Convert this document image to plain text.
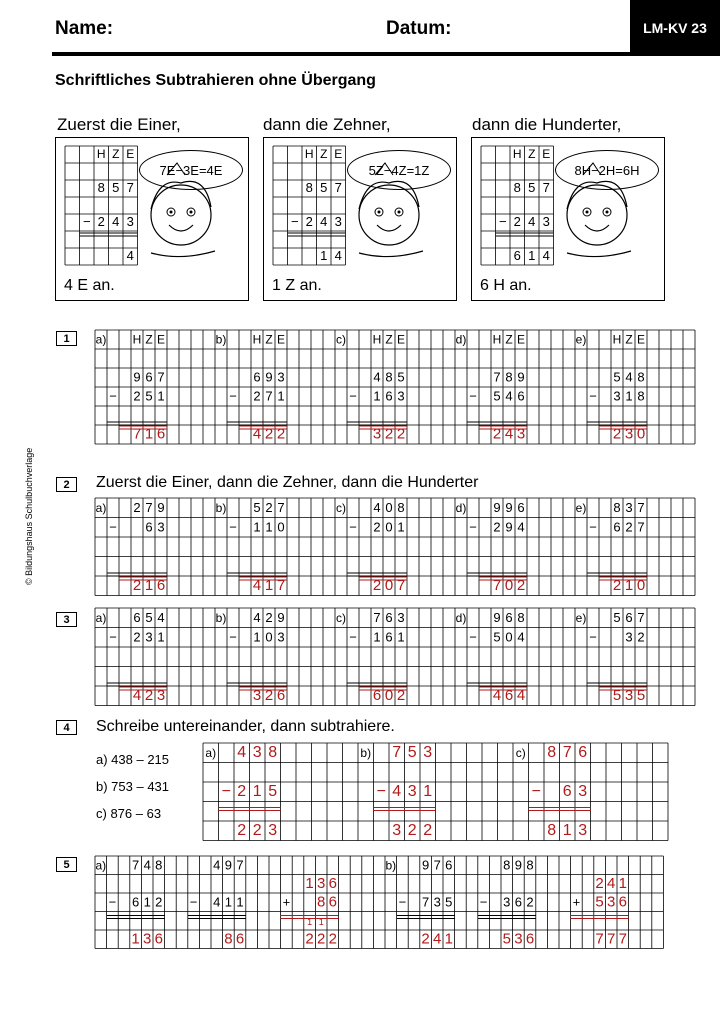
Name:	Datum:	LM-KV 23
Schriftliches Subtrahieren ohne Übergang
© Bildungshaus Schulbuchverlage
Zuerst die Einer,	dann die Zehner,	dann die Hunderter,
4 E an.	1 Z an.	6 H an.
7E−3E=4E	5Z−4Z=1Z	8H−2H=6H
1
2	Zuerst die Einer, dann die Zehner, dann die Hunderter
3
4	Schreibe untereinander, dann subtrahiere.
a) 438 – 215
b) 753 – 431
c) 876 – 63
5
H Z E
8 5 7
− 2 4 3
4
H Z E
8 5 7
− 2 4 3
1 4
H Z E
8 5 7
− 2 4 3
6 1 4
a) H Z E
9 6 7
− 2 5 1
7 1 6
b) H Z E
6 9 3
− 2 7 1
4 2 2
c) H Z E
4 8 5
− 1 6 3
3 2 2
d) H Z E
7 8 9
− 5 4 6
2 4 3
e) H Z E
5 4 8
− 3 1 8
2 3 0
a) 2 7 9
− 6 3
2 1 6
b) 5 2 7
− 1 1 0
4 1 7
c) 4 0 8
− 2 0 1
2 0 7
d) 9 9 6
− 2 9 4
7 0 2
e) 8 3 7
− 6 2 7
2 1 0
a) 6 5 4
− 2 3 1
4 2 3
b) 4 2 9
− 1 0 3
3 2 6
c) 7 6 3
− 1 6 1
6 0 2
d) 9 6 8
− 5 0 4
4 6 4
e) 5 6 7
− 3 2
5 3 5
a) 4 3 8
− 2 1 5
2 2 3
b) 7 5 3
− 4 3 1
3 2 2
c) 8 7 6
− 6 3
8 1 3
a) 7 4 8
− 6 1 2
1 3 6
4 9 7
− 4 1 1
8 6
1 3 6
+ 8 6
1 1
2 2 2
b) 9 7 6
− 7 3 5
2 4 1
8 9 8
− 3 6 2
5 3 6
2 4 1
+ 5 3 6
7 7 7
